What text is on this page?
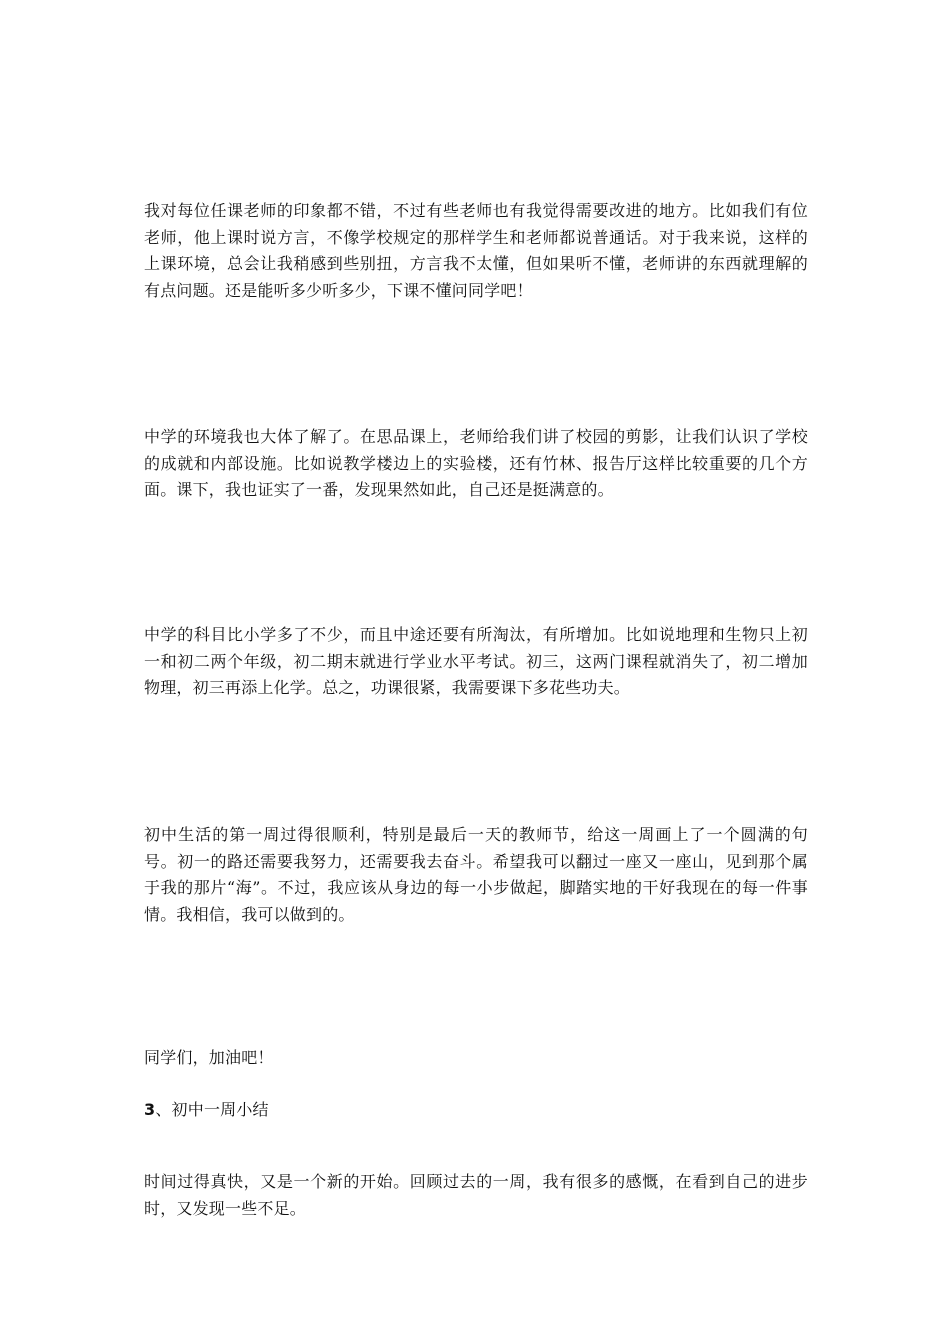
我对每位任课老师的印象都不错，不过有些老师也有我觉得需要改进的地方。比如我们有位老师，他上课时说方言，不像学校规定的那样学生和老师都说普通话。对于我来说，这样的上课环境，总会让我稍感到些别扭，方言我不太懂，但如果听不懂，老师讲的东西就理解的有点问题。还是能听多少听多少，下课不懂问同学吧！

中学的环境我也大体了解了。在思品课上，老师给我们讲了校园的剪影，让我们认识了学校的成就和内部设施。比如说教学楼边上的实验楼，还有竹林、报告厅这样比较重要的几个方面。课下，我也证实了一番，发现果然如此，自己还是挺满意的。

中学的科目比小学多了不少，而且中途还要有所淘汰，有所增加。比如说地理和生物只上初一和初二两个年级，初二期末就进行学业水平考试。初三，这两门课程就消失了，初二增加物理，初三再添上化学。总之，功课很紧，我需要课下多花些功夫。

初中生活的第一周过得很顺利，特别是最后一天的教师节，给这一周画上了一个圆满的句号。初一的路还需要我努力，还需要我去奋斗。希望我可以翻过一座又一座山，见到那个属于我的那片“海”。不过，我应该从身边的每一小步做起，脚踏实地的干好我现在的每一件事情。我相信，我可以做到的。

同学们，加油吧！

3、初中一周小结

时间过得真快，又是一个新的开始。回顾过去的一周，我有很多的感慨，在看到自己的进步时，又发现一些不足。
